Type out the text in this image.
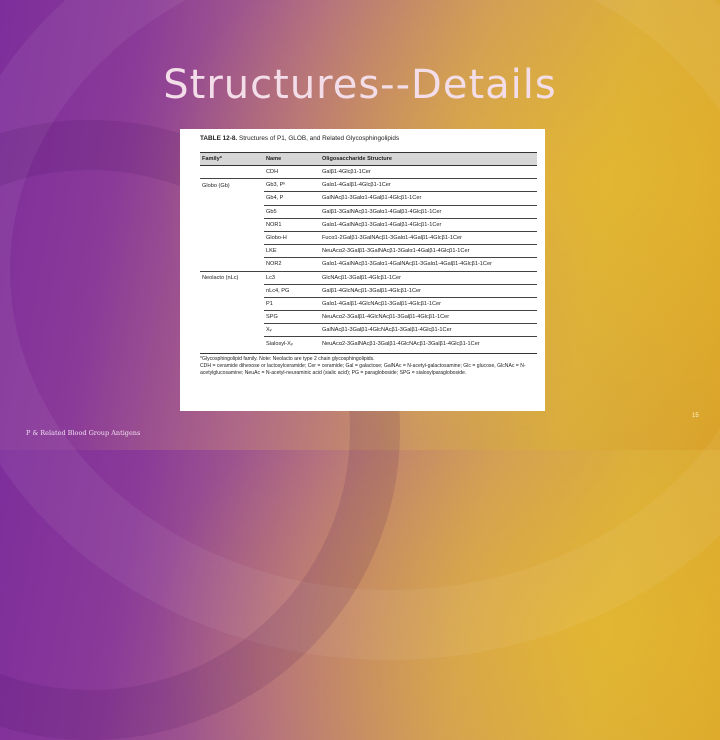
Structures--Details
TABLE 12-8. Structures of P1, GLOB, and Related Glycosphingolipids
Family*	Name	Oligosaccharide Structure
	CDH	Galβ1-4Glcβ1-1Cer
Globo (Gb)	Gb3, Pᵏ	Galα1-4Galβ1-4Glcβ1-1Cer
	Gb4, P	GalNAcβ1-3Galα1-4Galβ1-4Glcβ1-1Cer
	Gb5	Galβ1-3GalNAcβ1-3Galα1-4Galβ1-4Glcβ1-1Cer
	NOR1	Galα1-4GalNAcβ1-3Galα1-4Galβ1-4Glcβ1-1Cer
	Globo-H	Fucα1-2Galβ1-3GalNAcβ1-3Galα1-4Galβ1-4Glcβ1-1Cer
	LKE	NeuAcα2-3Galβ1-3GalNAcβ1-3Galα1-4Galβ1-4Glcβ1-1Cer
	NOR2	Galα1-4GalNAcβ1-3Galα1-4GalNAcβ1-3Galα1-4Galβ1-4Glcβ1-1Cer
Neolacto (nLc)	Lc3	GlcNAcβ1-3Galβ1-4Glcβ1-1Cer
	nLc4, PG	Galβ1-4GlcNAcβ1-3Galβ1-4Glcβ1-1Cer
	P1	Galα1-4Galβ1-4GlcNAcβ1-3Galβ1-4Glcβ1-1Cer
	SPG	NeuAcα2-3Galβ1-4GlcNAcβ1-3Galβ1-4Glcβ1-1Cer
	Xᵥ	GalNAcβ1-3Galβ1-4GlcNAcβ1-3Galβ1-4Glcβ1-1Cer
	Sialosyl-Xᵥ	NeuAcα2-3GalNAcβ1-3Galβ1-4GlcNAcβ1-3Galβ1-4Glcβ1-1Cer
*Glycosphingolipid family. Note: Neolacto are type 2 chain glycosphingolipids.
CDH = ceramide dihexose or lactosylceramide; Cer = ceramide; Gal = galactose; GalNAc = N-acetyl-galactosamine; Glc = glucose, GlcNAc = N-acetylglucosamine; NeuAc = N-acetyl-neuraminic acid (sialic acid); PG = paragloboside; SPG = sialosylparagloboside.
P & Related Blood Group Antigens
15
